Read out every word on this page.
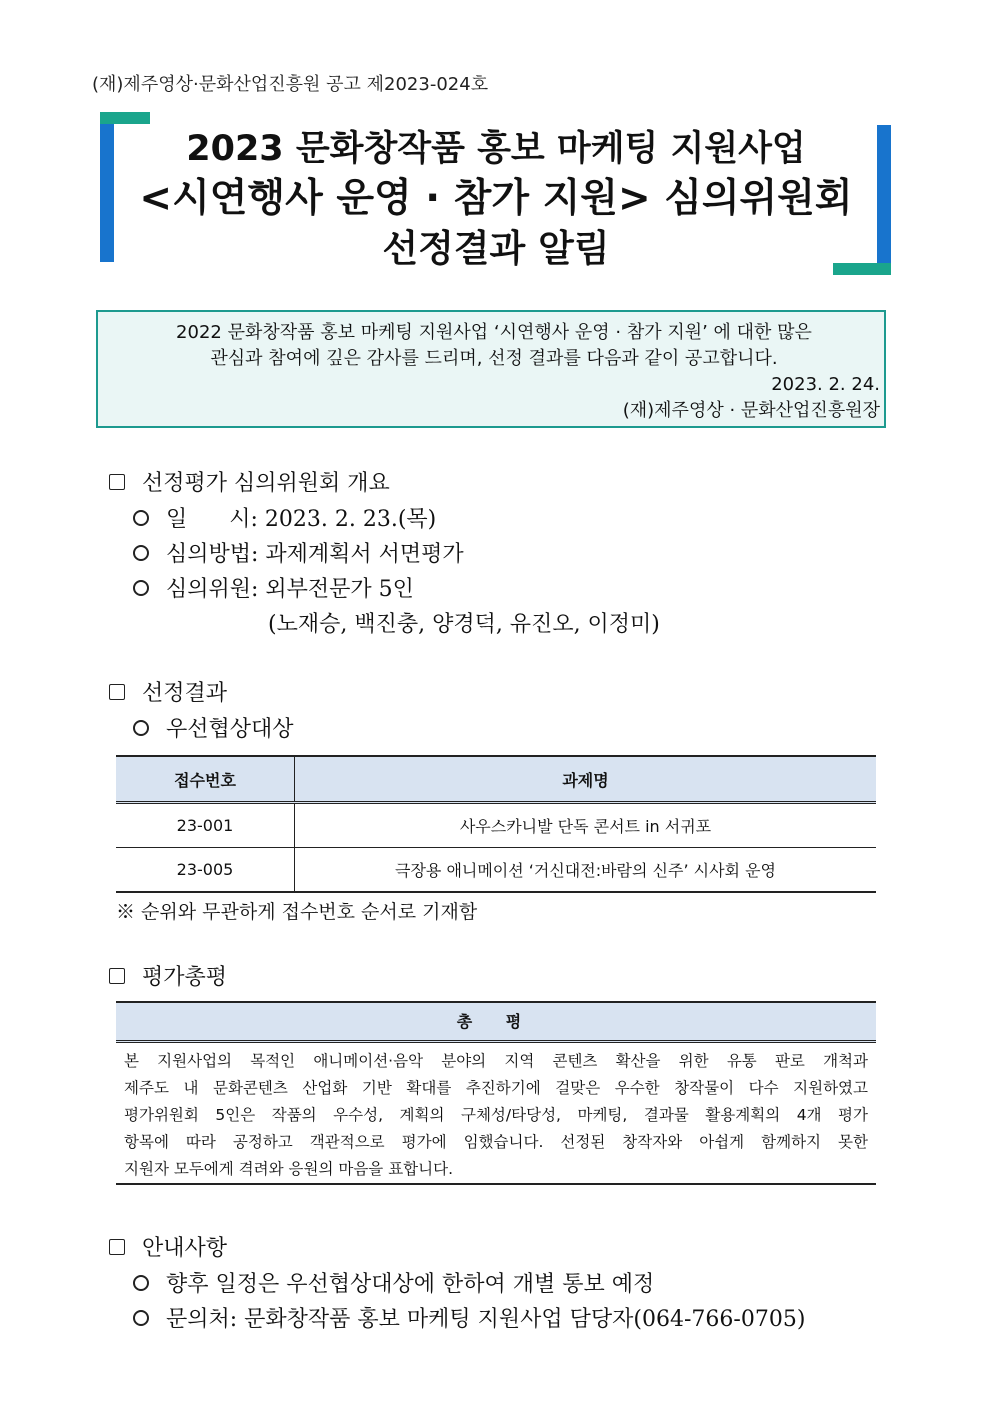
(재)제주영상·문화산업진흥원 공고 제2023-024호
2023 문화창작품 홍보 마케팅 지원사업
<시연행사 운영 · 참가 지원> 심의위원회
선정결과 알림
2022 문화창작품 홍보 마케팅 지원사업 ‘시연행사 운영 · 참가 지원’ 에 대한 많은
관심과 참여에 깊은 감사를 드리며, 선정 결과를 다음과 같이 공고합니다.
2023. 2. 24.
(재)제주영상 · 문화산업진흥원장
선정평가 심의위원회 개요
일      시: 2023. 2. 23.(목)
심의방법: 과제계획서 서면평가
심의위원: 외부전문가 5인
(노재승, 백진충, 양경덕, 유진오, 이정미)
선정결과
우선협상대상
접수번호	과제명
23-001	사우스카니발 단독 콘서트 in 서귀포
23-005	극장용 애니메이션 ‘거신대전:바람의 신주’ 시사회 운영
※ 순위와 무관하게 접수번호 순서로 기재함
평가총평
총 평
본 지원사업의 목적인 애니메이션·음악 분야의 지역 콘텐츠 확산을 위한 유통 판로 개척과
제주도 내 문화콘텐츠 산업화 기반 확대를 추진하기에 걸맞은 우수한 창작물이 다수 지원하였고
평가위원회 5인은 작품의 우수성, 계획의 구체성/타당성, 마케팅, 결과물 활용계획의 4개 평가
항목에 따라 공정하고 객관적으로 평가에 임했습니다. 선정된 창작자와 아쉽게 함께하지 못한
지원자 모두에게 격려와 응원의 마음을 표합니다.
안내사항
향후 일정은 우선협상대상에 한하여 개별 통보 예정
문의처: 문화창작품 홍보 마케팅 지원사업 담당자(064-766-0705)
